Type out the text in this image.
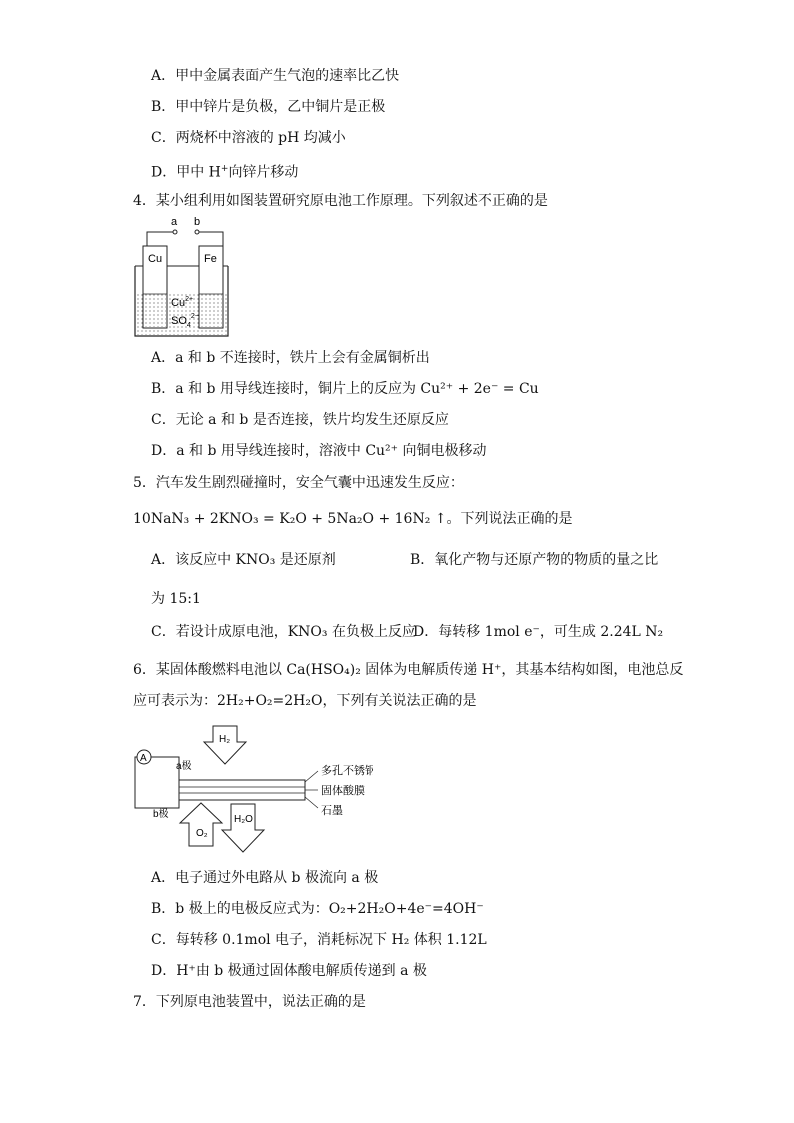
A．甲中金属表面产生气泡的速率比乙快
B．甲中锌片是负极，乙中铜片是正极
C．两烧杯中溶液的 pH 均减小
D．甲中 H+向锌片移动
4．某小组利用如图装置研究原电池工作原理。下列叙述不正确的是
a b
Cu	Fe
$Cu^{2+}$
$SO_4^{2-}$
A．a 和 b 不连接时，铁片上会有金属铜析出
B．a 和 b 用导线连接时，铜片上的反应为 Cu²⁺ + 2e⁻ = Cu
C．无论 a 和 b 是否连接，铁片均发生还原反应
D．a 和 b 用导线连接时，溶液中 Cu²⁺ 向铜电极移动
5．汽车发生剧烈碰撞时，安全气囊中迅速发生反应：
10NaN₃ + 2KNO₃ = K₂O + 5Na₂O + 16N₂ ↑。下列说法正确的是
A．该反应中 KNO₃ 是还原剂	B．氧化产物与还原产物的物质的量之比
为 15:1
C．若设计成原电池，KNO₃ 在负极上反应
D．每转移 1mol e⁻，可生成 2.24L N₂
6．某固体酸燃料电池以 Ca(HSO₄)₂ 固体为电解质传递 H⁺，其基本结构如图，电池总反
应可表示为：2H₂+O₂=2H₂O，下列有关说法正确的是
H₂
A
a极
b极
多孔不锈钢
固体酸膜
石墨
O₂
H₂O
A．电子通过外电路从 b 极流向 a 极
B．b 极上的电极反应式为：O₂+2H₂O+4e⁻=4OH⁻
C．每转移 0.1mol 电子，消耗标况下 H₂ 体积 1.12L
D．H⁺由 b 极通过固体酸电解质传递到 a 极
7．下列原电池装置中，说法正确的是
